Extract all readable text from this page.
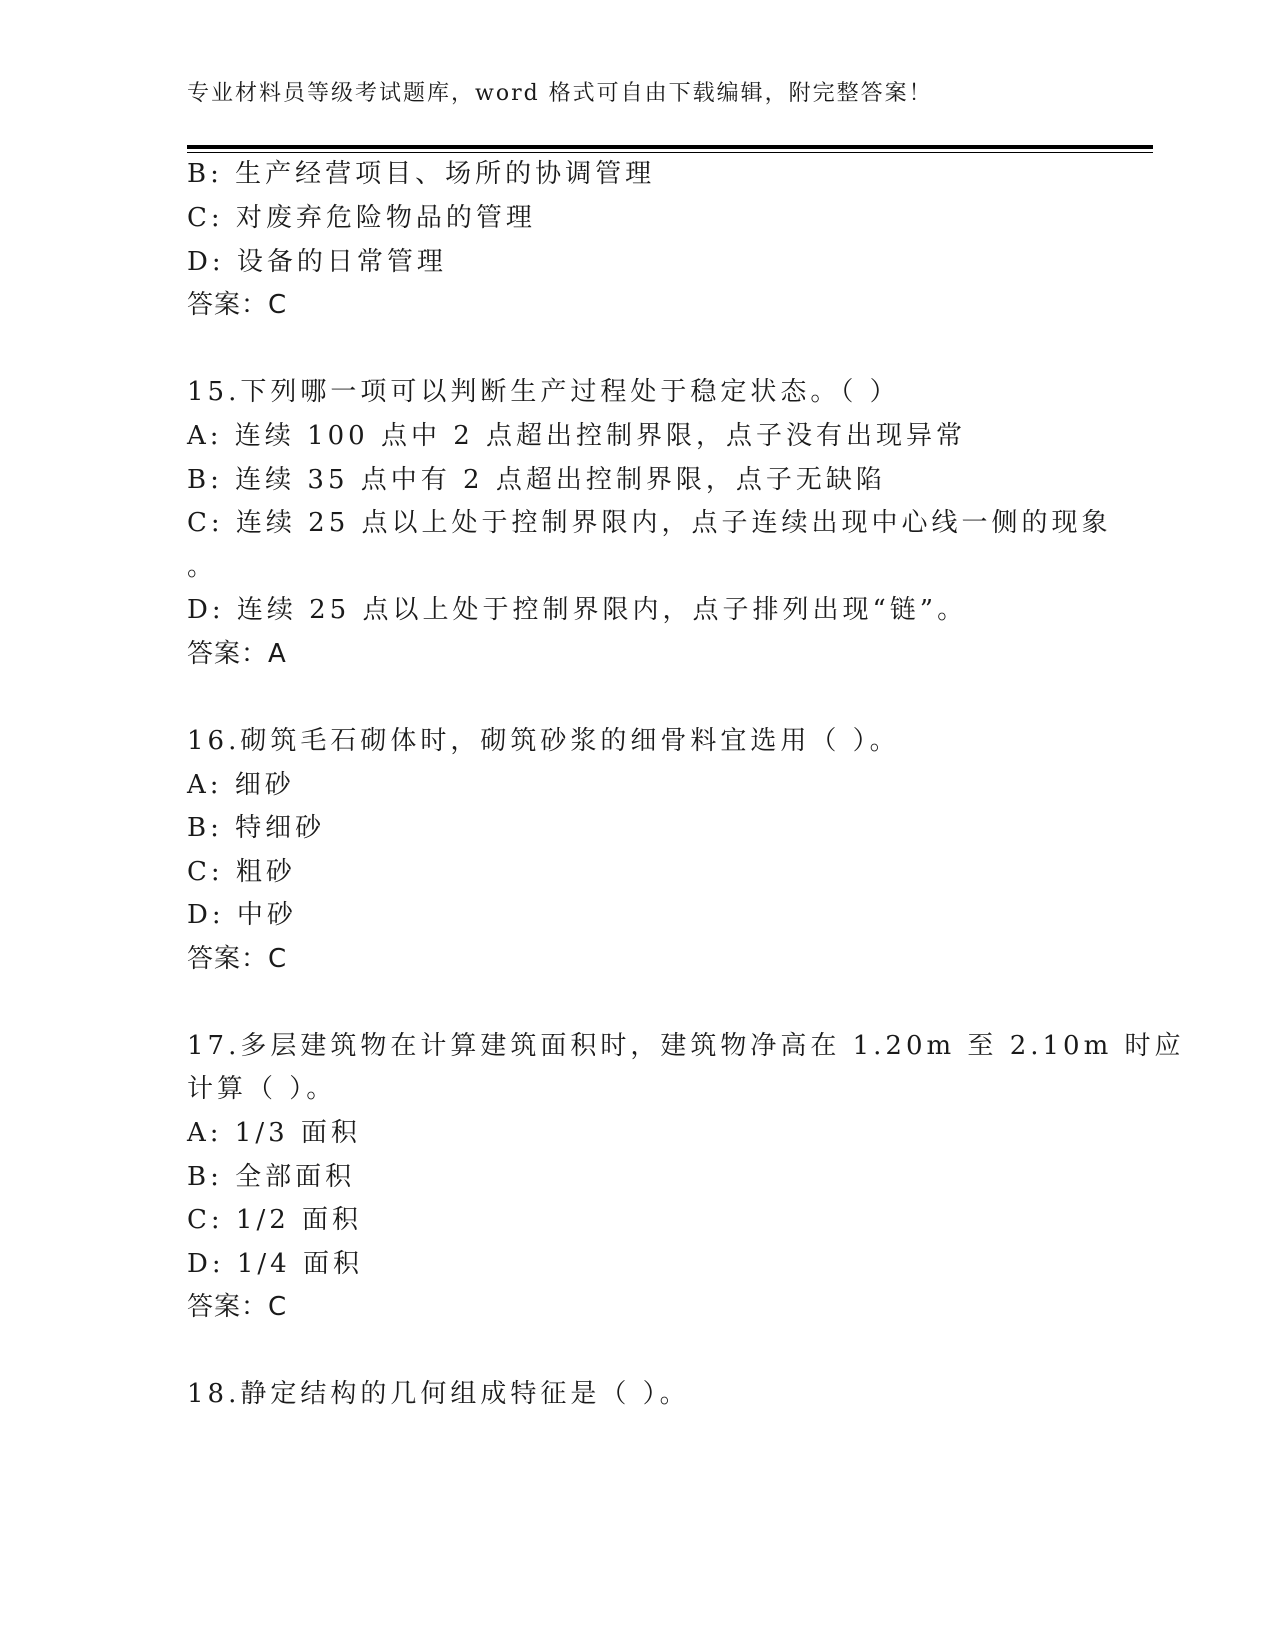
专业材料员等级考试题库，word 格式可自由下载编辑，附完整答案！
B: 生产经营项目、场所的协调管理
C: 对废弃危险物品的管理
D: 设备的日常管理
答案：C
15.下列哪一项可以判断生产过程处于稳定状态。（ ）
A: 连续 100 点中 2 点超出控制界限，点子没有出现异常
B: 连续 35 点中有 2 点超出控制界限，点子无缺陷
C: 连续 25 点以上处于控制界限内，点子连续出现中心线一侧的现象
。
D: 连续 25 点以上处于控制界限内，点子排列出现“链”。
答案：A
16.砌筑毛石砌体时，砌筑砂浆的细骨料宜选用（ ）。
A: 细砂
B: 特细砂
C: 粗砂
D: 中砂
答案：C
17.多层建筑物在计算建筑面积时，建筑物净高在 1.20m 至 2.10m 时应
计算（ ）。
A: 1/3 面积
B: 全部面积
C: 1/2 面积
D: 1/4 面积
答案：C
18.静定结构的几何组成特征是（ ）。
